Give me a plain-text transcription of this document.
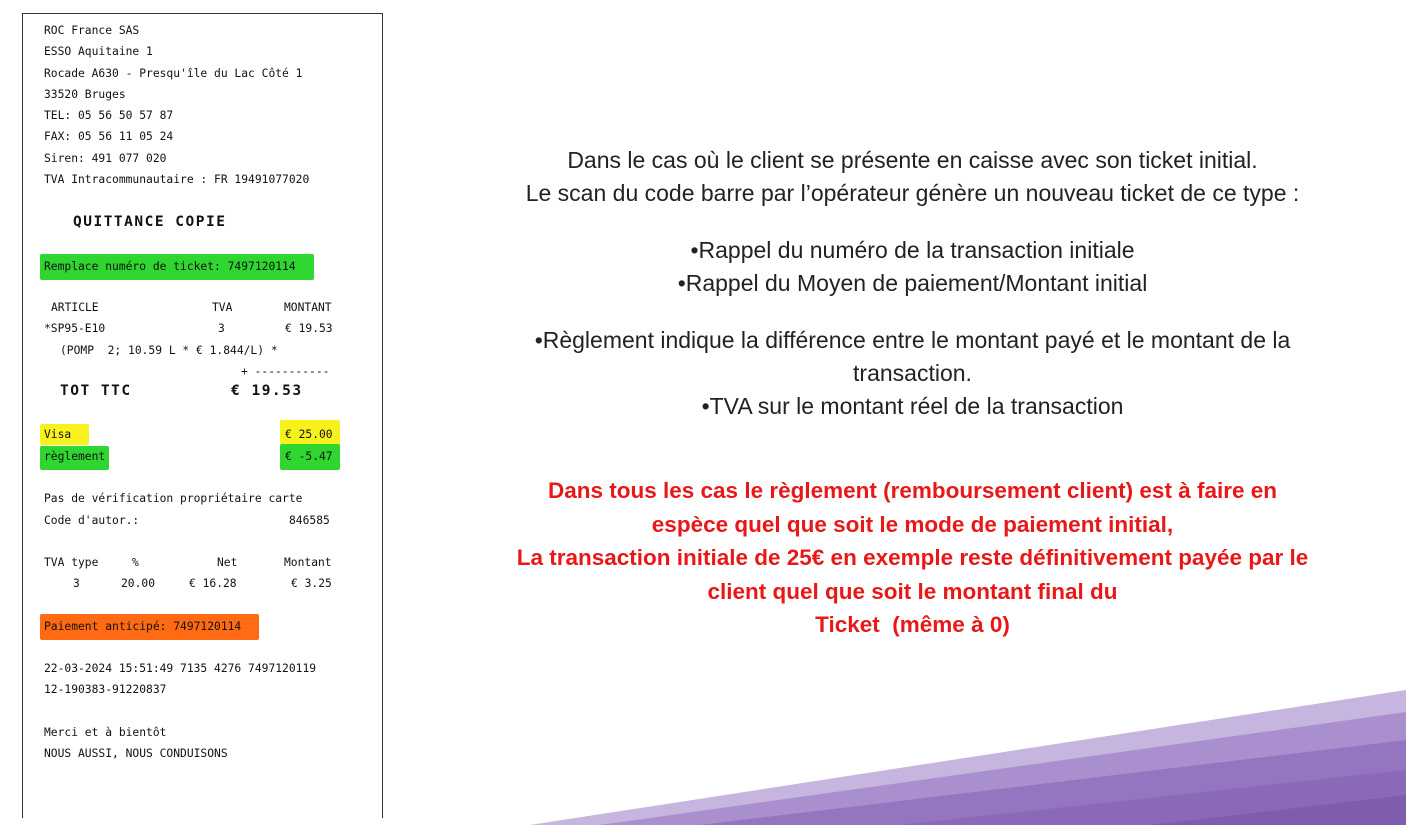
ROC France SAS
ESSO Aquitaine 1
Rocade A630 - Presqu'île du Lac Côté 1
33520 Bruges
TEL: 05 56 50 57 87
FAX: 05 56 11 05 24
Siren: 491 077 020
TVA Intracommunautaire : FR 19491077020
QUITTANCE COPIE
Remplace numéro de ticket: 7497120114
ARTICLE	TVA	MONTANT
*SP95-E10	3	€ 19.53
(POMP  2; 10.59 L * € 1.844/L) *
+ -----------
TOT TTC	€ 19.53
Visa	€ 25.00
règlement	€ -5.47
Pas de vérification propriétaire carte
Code d'autor.:	846585
TVA type	%	Net	Montant
3	20.00	€ 16.28	€ 3.25
Paiement anticipé: 7497120114
22-03-2024 15:51:49 7135 4276 7497120119
12-190383-91220837
Merci et à bientôt
NOUS AUSSI, NOUS CONDUISONS
Dans le cas où le client se présente en caisse avec son ticket initial.
Le scan du code barre par l’opérateur génère un nouveau ticket de ce type :
•Rappel du numéro de la transaction initiale
•Rappel du Moyen de paiement/Montant initial
•Règlement indique la différence entre le montant payé et le montant de la
transaction.
•TVA sur le montant réel de la transaction
Dans tous les cas le règlement (remboursement client) est à faire en
espèce quel que soit le mode de paiement initial,
La transaction initiale de 25€ en exemple reste définitivement payée par le
client quel que soit le montant final du
Ticket  (même à 0)
